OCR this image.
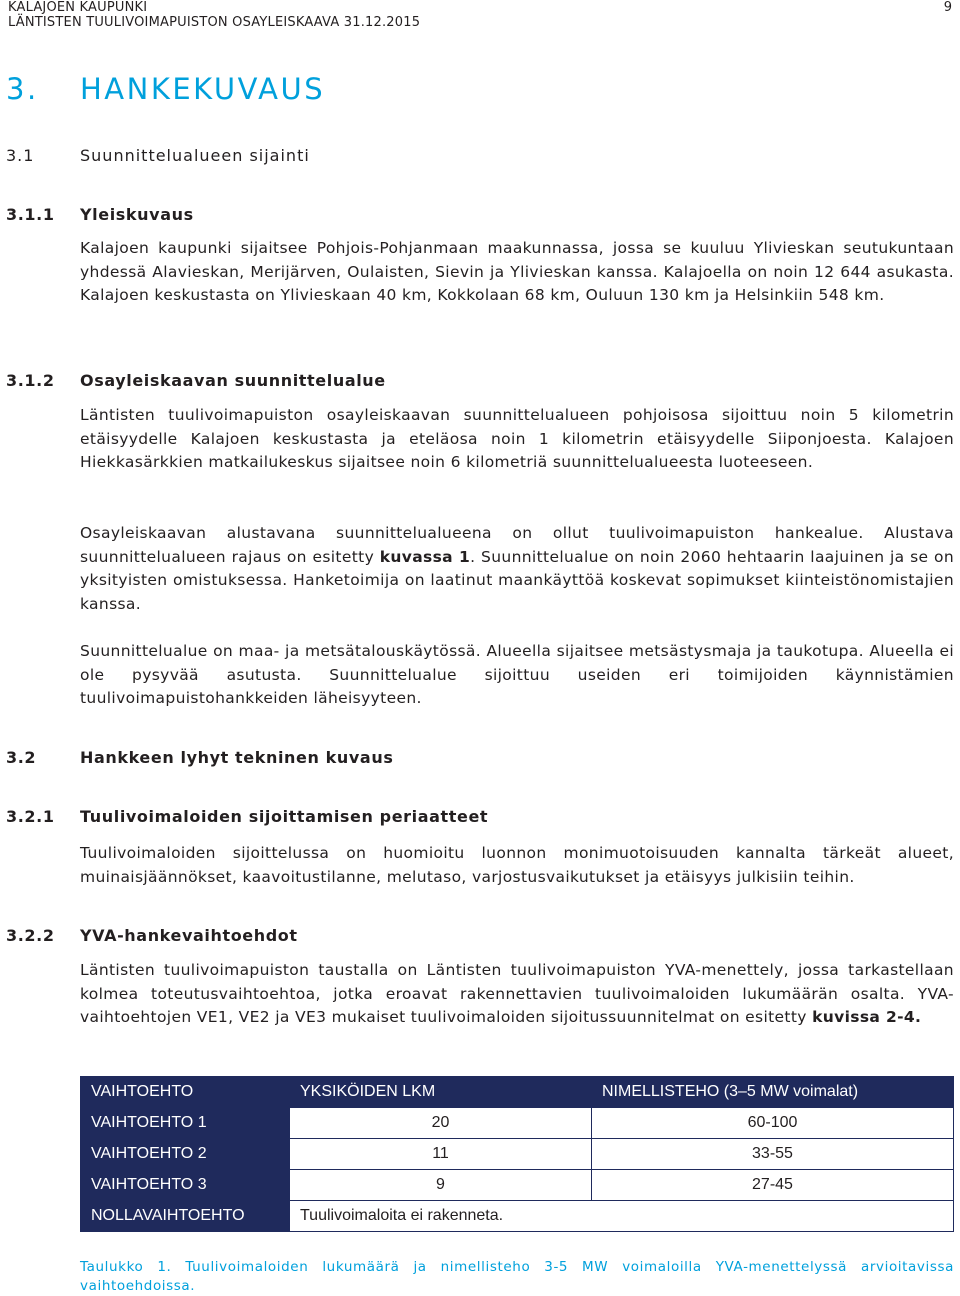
KALAJOEN KAUPUNKI
LÄNTISTEN TUULIVOIMAPUISTON OSAYLEISKAAVA 31.12.2015
9
3. HANKEKUVAUS
3.1	Suunnittelualueen sijainti
3.1.1 Yleiskuvaus
Kalajoen kaupunki sijaitsee Pohjois-Pohjanmaan maakunnassa, jossa se kuuluu Ylivieskan seutukuntaan yhdessä Alavieskan, Merijärven, Oulaisten, Sievin ja Ylivieskan kanssa. Kalajoella on noin 12 644 asukasta. Kalajoen keskustasta on Ylivieskaan 40 km, Kokkolaan 68 km, Ouluun 130 km ja Helsinkiin 548 km.
3.1.2 Osayleiskaavan suunnittelualue
Läntisten tuulivoimapuiston osayleiskaavan suunnittelualueen pohjoisosa sijoittuu noin 5 kilometrin etäisyydelle Kalajoen keskustasta ja eteläosa noin 1 kilometrin etäisyydelle Siiponjoesta. Kalajoen Hiekkasärkkien matkailukeskus sijaitsee noin 6 kilometriä suunnittelualueesta luoteeseen.
Osayleiskaavan alustavana suunnittelualueena on ollut tuulivoimapuiston hankealue. Alustava suunnittelualueen rajaus on esitetty kuvassa 1. Suunnittelualue on noin 2060 hehtaarin laajuinen ja se on yksityisten omistuksessa. Hanketoimija on laatinut maankäyttöä koskevat sopimukset kiinteistönomistajien kanssa.
Suunnittelualue on maa- ja metsätalouskäytössä. Alueella sijaitsee metsästysmaja ja taukotupa. Alueella ei ole pysyvää asutusta. Suunnittelualue sijoittuu useiden eri toimijoiden käynnistämien tuulivoimapuistohankkeiden läheisyyteen.
3.2	Hankkeen lyhyt tekninen kuvaus
3.2.1 Tuulivoimaloiden sijoittamisen periaatteet
Tuulivoimaloiden sijoittelussa on huomioitu luonnon monimuotoisuuden kannalta tärkeät alueet, muinaisjäännökset, kaavoitustilanne, melutaso, varjostusvaikutukset ja etäisyys julkisiin teihin.
3.2.2 YVA-hankevaihtoehdot
Läntisten tuulivoimapuiston taustalla on Läntisten tuulivoimapuiston YVA-menettely, jossa tarkastellaan kolmea toteutusvaihtoehtoa, jotka eroavat rakennettavien tuulivoimaloiden lukumäärän osalta. YVA-vaihtoehtojen VE1, VE2 ja VE3 mukaiset tuulivoimaloiden sijoitussuunnitelmat on esitetty kuvissa 2-4.
VAIHTOEHTO	YKSIKÖIDEN LKM	NIMELLISTEHO (3–5 MW voimalat)
VAIHTOEHTO 1	20	60-100
VAIHTOEHTO 2	11	33-55
VAIHTOEHTO 3	9	27-45
NOLLAVAIHTOEHTO	Tuulivoimaloita ei rakenneta.	
Taulukko 1. Tuulivoimaloiden lukumäärä ja nimellisteho 3-5 MW voimaloilla YVA-menettelyssä arvioitavissa vaihtoehdoissa.
